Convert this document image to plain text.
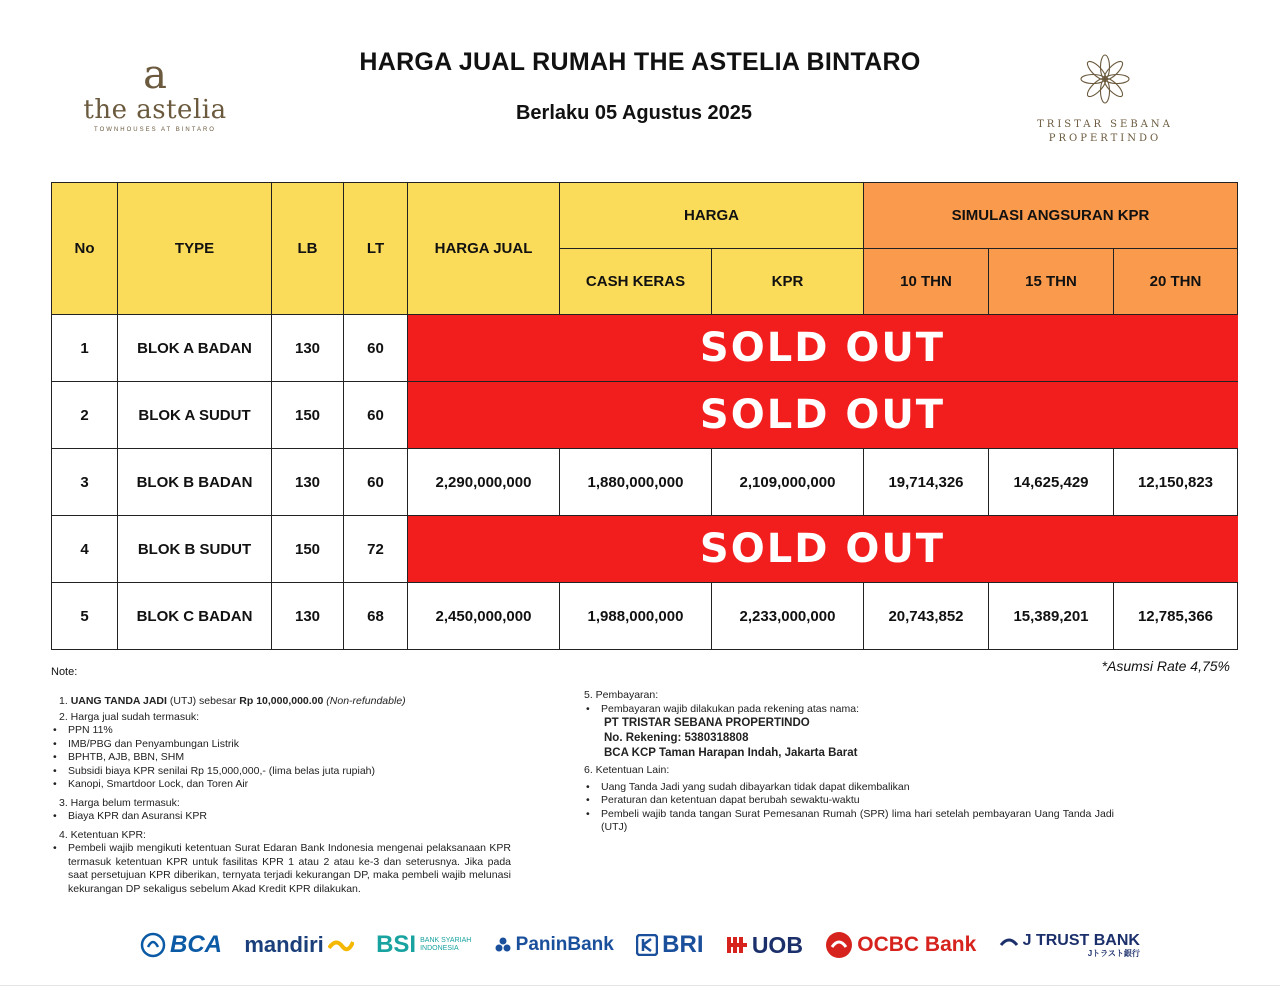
a
the astelia
TOWNHOUSES AT BINTARO
HARGA JUAL RUMAH THE ASTELIA BINTARO
Berlaku 05 Agustus 2025
TRISTAR SEBANA
PROPERTINDO
No	TYPE	LB	LT	HARGA JUAL	HARGA		SIMULASI ANGSURAN KPR		
					CASH KERAS	KPR	10 THN	15 THN	20 THN
1	BLOK A BADAN	130	60	SOLD OUT					
2	BLOK A SUDUT	150	60	SOLD OUT					
3	BLOK B BADAN	130	60	2,290,000,000	1,880,000,000	2,109,000,000	19,714,326	14,625,429	12,150,823
4	BLOK B SUDUT	150	72	SOLD OUT					
5	BLOK C BADAN	130	68	2,450,000,000	1,988,000,000	2,233,000,000	20,743,852	15,389,201	12,785,366
Note:	*Asumsi Rate 4,75%
1. UANG TANDA JADI (UTJ) sebesar Rp 10,000,000.00 (Non-refundable)
2. Harga jual sudah termasuk:
• PPN 11%
• IMB/PBG dan Penyambungan Listrik
• BPHTB, AJB, BBN, SHM
• Subsidi biaya KPR senilai Rp 15,000,000,- (lima belas juta rupiah)
• Kanopi, Smartdoor Lock, dan Toren Air
3. Harga belum termasuk:
• Biaya KPR dan Asuransi KPR
4. Ketentuan KPR:
• Pembeli wajib mengikuti ketentuan Surat Edaran Bank Indonesia mengenai pelaksanaan KPR termasuk ketentuan KPR untuk fasilitas KPR 1 atau 2 atau ke-3 dan seterusnya. Jika pada saat persetujuan KPR diberikan, ternyata terjadi kekurangan DP, maka pembeli wajib melunasi kekurangan DP sekaligus sebelum Akad Kredit KPR dilakukan.
5. Pembayaran:
• Pembayaran wajib dilakukan pada rekening atas nama:
PT TRISTAR SEBANA PROPERTINDO
No. Rekening: 5380318808
BCA KCP Taman Harapan Indah, Jakarta Barat
6. Ketentuan Lain:
• Uang Tanda Jadi yang sudah dibayarkan tidak dapat dikembalikan
• Peraturan dan ketentuan dapat berubah sewaktu-waktu
• Pembeli wajib tanda tangan Surat Pemesanan Rumah (SPR) lima hari setelah pembayaran Uang Tanda Jadi (UTJ)
BCA mandiri BSI BANK SYARIAH
INDONESIA	PaninBank BRI UOB	OCBC Bank	J TRUST BANK
Jトラスト銀行
